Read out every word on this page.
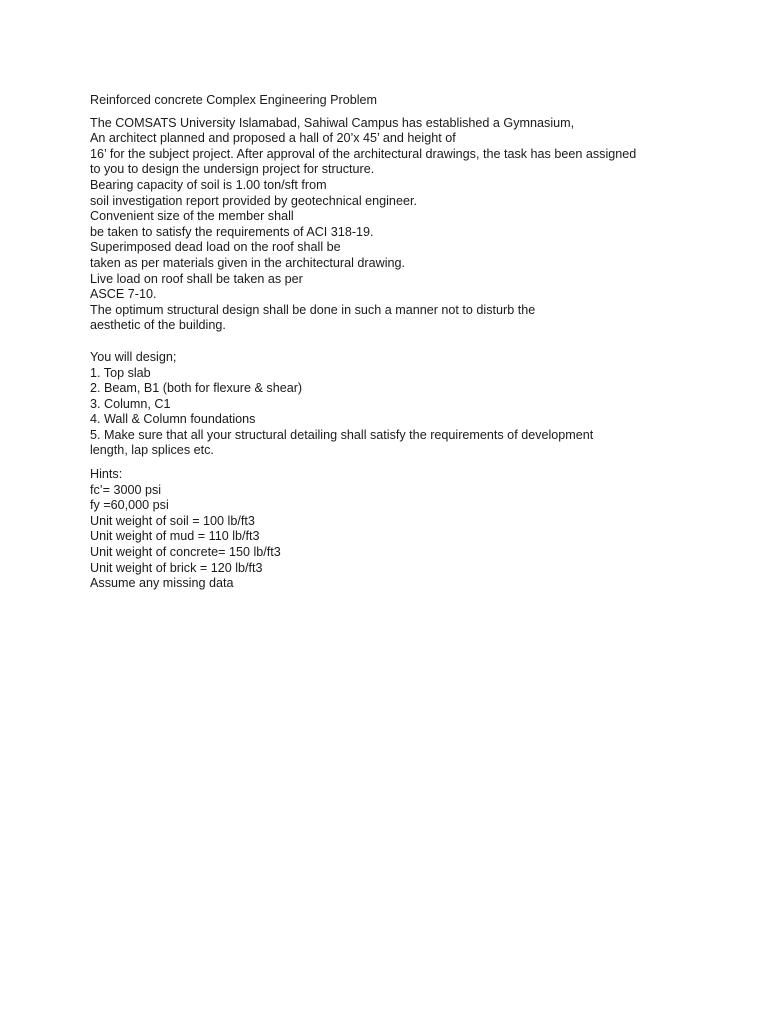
Reinforced concrete Complex Engineering Problem
The COMSATS University Islamabad, Sahiwal Campus has established a Gymnasium,
An architect planned and proposed a hall of 20’x 45’ and height of
16’ for the subject project. After approval of the architectural drawings, the task has been assigned
to you to design the undersign project for structure.
Bearing capacity of soil is 1.00 ton/sft from
soil investigation report provided by geotechnical engineer.
Convenient size of the member shall
be taken to satisfy the requirements of ACI 318-19.
Superimposed dead load on the roof shall be
taken as per materials given in the architectural drawing.
Live load on roof shall be taken as per
ASCE 7-10.
The optimum structural design shall be done in such a manner not to disturb the
aesthetic of the building.
You will design;
1. Top slab
2. Beam, B1 (both for flexure & shear)
3. Column, C1
4. Wall & Column foundations
5. Make sure that all your structural detailing shall satisfy the requirements of development
length, lap splices etc.
Hints:
fc’= 3000 psi
fy =60,000 psi
Unit weight of soil = 100 lb/ft3
Unit weight of mud = 110 lb/ft3
Unit weight of concrete= 150 lb/ft3
Unit weight of brick = 120 lb/ft3
Assume any missing data
